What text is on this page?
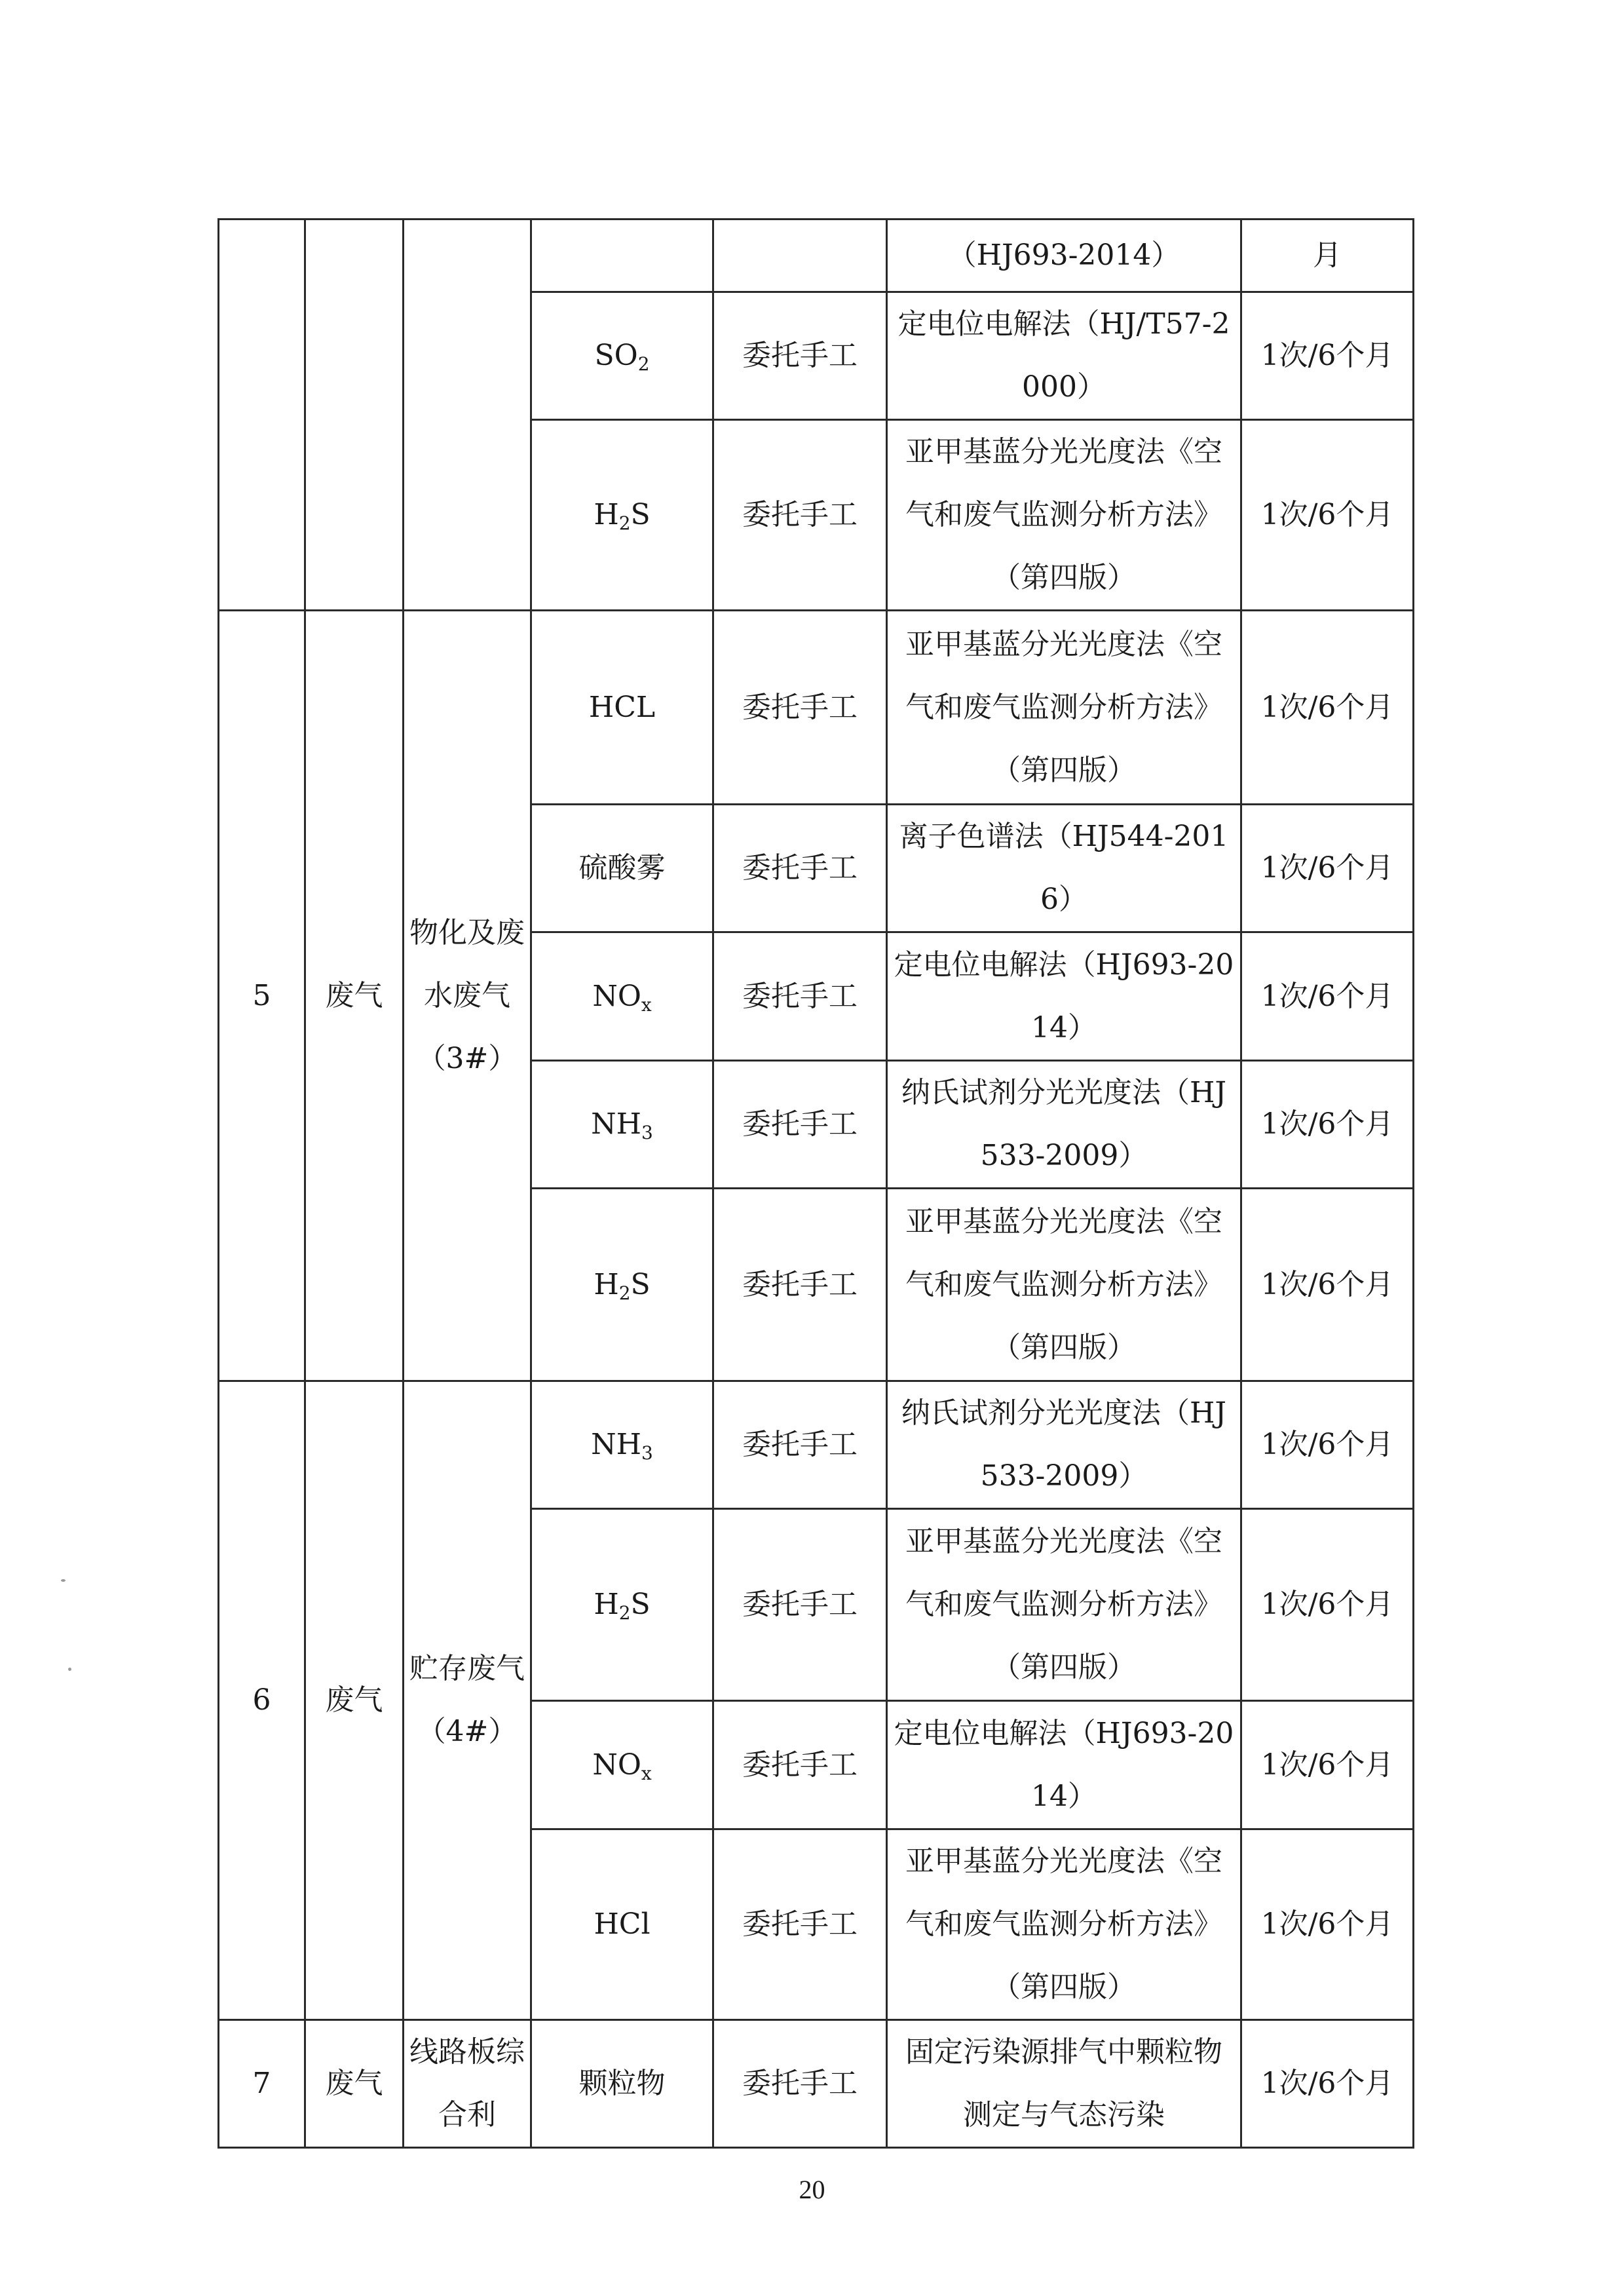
					（HJ693-2014）	月
			$SO_2$	委托手工	定电位电解法（HJ/T57-2000）	1次/6个月
			$H_2S$	委托手工	亚甲基蓝分光光度法《空气和废气监测分析方法》（第四版）	1次/6个月
5	废气	物化及废水废气（3#）	HCL	委托手工	亚甲基蓝分光光度法《空气和废气监测分析方法》（第四版）	1次/6个月
			硫酸雾	委托手工	离子色谱法（HJ544-2016）	1次/6个月
			$NO_x$	委托手工	定电位电解法（HJ693-2014）	1次/6个月
			$NH_3$	委托手工	纳氏试剂分光光度法（HJ533-2009）	1次/6个月
			$H_2S$	委托手工	亚甲基蓝分光光度法《空气和废气监测分析方法》（第四版）	1次/6个月
6	废气	贮存废气（4#）	$NH_3$	委托手工	纳氏试剂分光光度法（HJ533-2009）	1次/6个月
			$H_2S$	委托手工	亚甲基蓝分光光度法《空气和废气监测分析方法》（第四版）	1次/6个月
			$NO_x$	委托手工	定电位电解法（HJ693-2014）	1次/6个月
			HCl	委托手工	亚甲基蓝分光光度法《空气和废气监测分析方法》（第四版）	1次/6个月
7	废气	线路板综合利	颗粒物	委托手工	固定污染源排气中颗粒物测定与气态污染	1次/6个月
20
